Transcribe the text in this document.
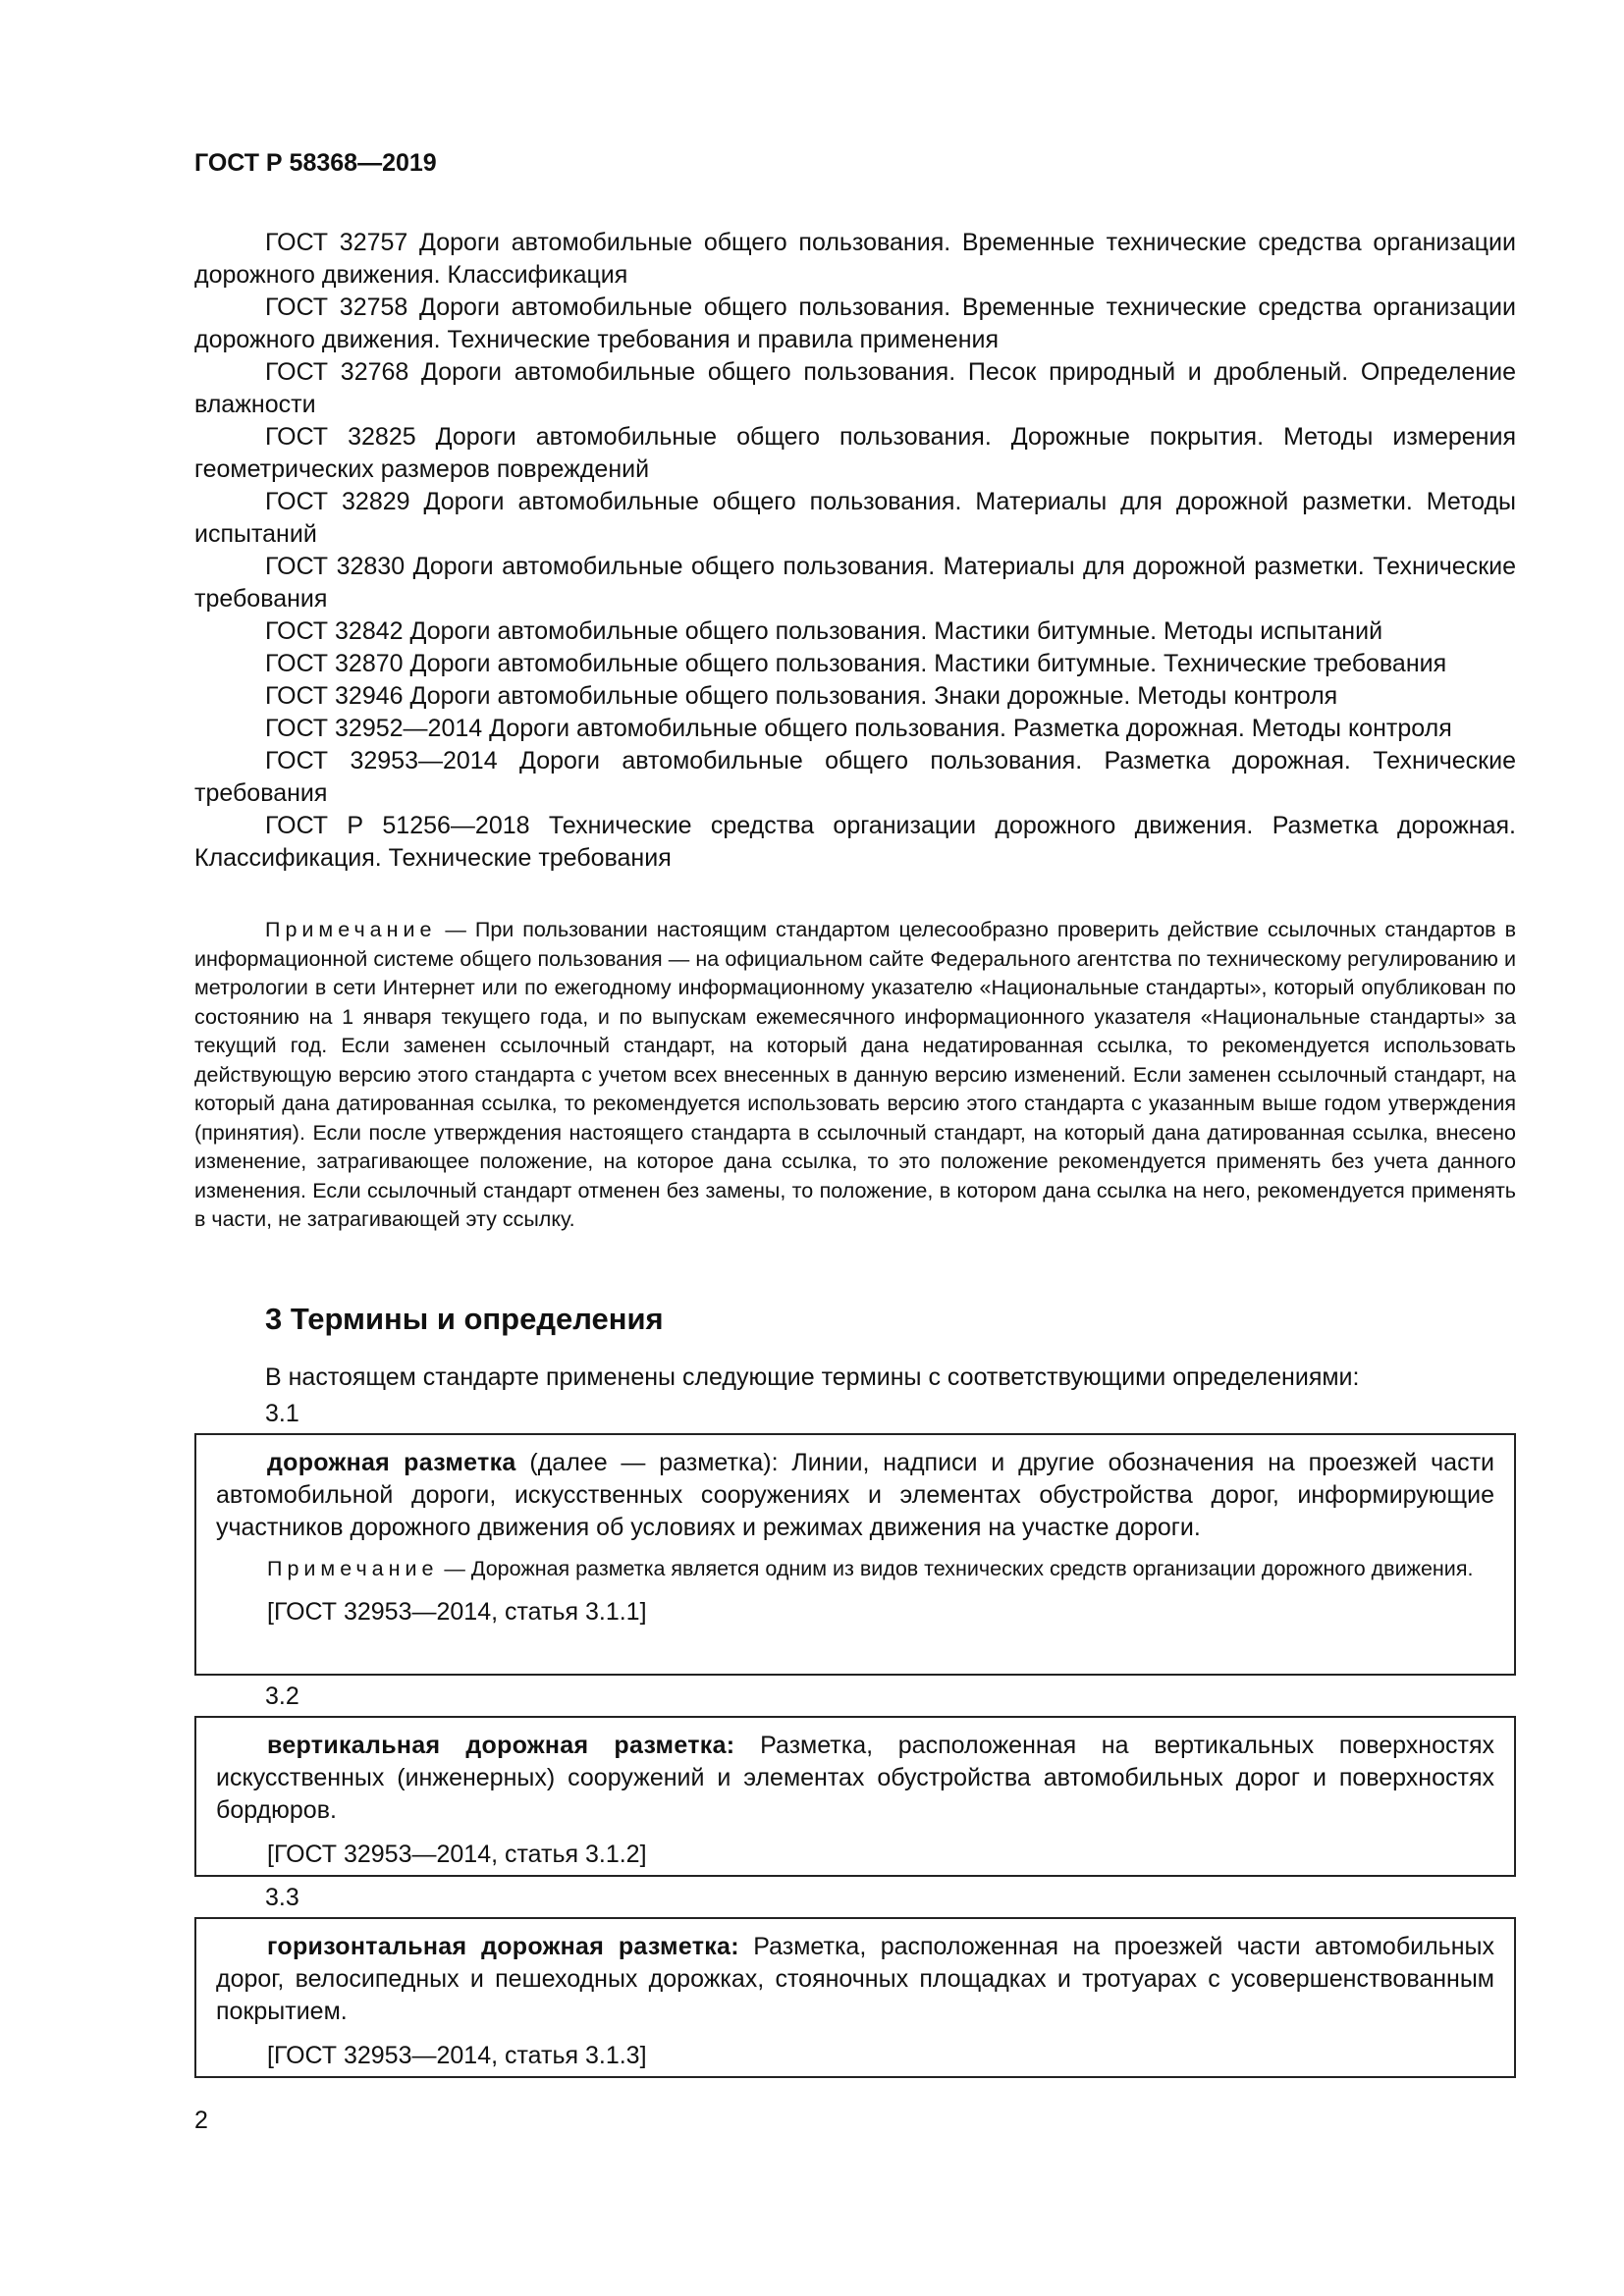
ГОСТ Р 58368—2019

ГОСТ 32757 Дороги автомобильные общего пользования. Временные технические средства организации дорожного движения. Классификация

ГОСТ 32758 Дороги автомобильные общего пользования. Временные технические средства организации дорожного движения. Технические требования и правила применения

ГОСТ 32768 Дороги автомобильные общего пользования. Песок природный и дробленый. Определение влажности

ГОСТ 32825 Дороги автомобильные общего пользования. Дорожные покрытия. Методы измерения геометрических размеров повреждений

ГОСТ 32829 Дороги автомобильные общего пользования. Материалы для дорожной разметки. Методы испытаний

ГОСТ 32830 Дороги автомобильные общего пользования. Материалы для дорожной разметки. Технические требования

ГОСТ 32842 Дороги автомобильные общего пользования. Мастики битумные. Методы испытаний

ГОСТ 32870 Дороги автомобильные общего пользования. Мастики битумные. Технические требования

ГОСТ 32946 Дороги автомобильные общего пользования. Знаки дорожные. Методы контроля

ГОСТ 32952—2014 Дороги автомобильные общего пользования. Разметка дорожная. Методы контроля

ГОСТ 32953—2014 Дороги автомобильные общего пользования. Разметка дорожная. Технические требования

ГОСТ Р 51256—2018 Технические средства организации дорожного движения. Разметка дорожная. Классификация. Технические требования

Примечание — При пользовании настоящим стандартом целесообразно проверить действие ссылочных стандартов в информационной системе общего пользования — на официальном сайте Федерального агентства по техническому регулированию и метрологии в сети Интернет или по ежегодному информационному указателю «Национальные стандарты», который опубликован по состоянию на 1 января текущего года, и по выпускам ежемесячного информационного указателя «Национальные стандарты» за текущий год. Если заменен ссылочный стандарт, на который дана недатированная ссылка, то рекомендуется использовать действующую версию этого стандарта с учетом всех внесенных в данную версию изменений. Если заменен ссылочный стандарт, на который дана датированная ссылка, то рекомендуется использовать версию этого стандарта с указанным выше годом утверждения (принятия). Если после утверждения настоящего стандарта в ссылочный стандарт, на который дана датированная ссылка, внесено изменение, затрагивающее положение, на которое дана ссылка, то это положение рекомендуется применять без учета данного изменения. Если ссылочный стандарт отменен без замены, то положение, в котором дана ссылка на него, рекомендуется применять в части, не затрагивающей эту ссылку.

3 Термины и определения
В настоящем стандарте применены следующие термины с соответствующими определениями:
3.1

дорожная разметка (далее — разметка): Линии, надписи и другие обозначения на проезжей части автомобильной дороги, искусственных сооружениях и элементах обустройства дорог, информирующие участников дорожного движения об условиях и режимах движения на участке дороги.

Примечание — Дорожная разметка является одним из видов технических средств организации дорожного движения.

[ГОСТ 32953—2014, статья 3.1.1]

3.2

вертикальная дорожная разметка: Разметка, расположенная на вертикальных поверхностях искусственных (инженерных) сооружений и элементах обустройства автомобильных дорог и поверхностях бордюров.

[ГОСТ 32953—2014, статья 3.1.2]

3.3

горизонтальная дорожная разметка: Разметка, расположенная на проезжей части автомобильных дорог, велосипедных и пешеходных дорожках, стояночных площадках и тротуарах с усовершенствованным покрытием.

[ГОСТ 32953—2014, статья 3.1.3]

2
